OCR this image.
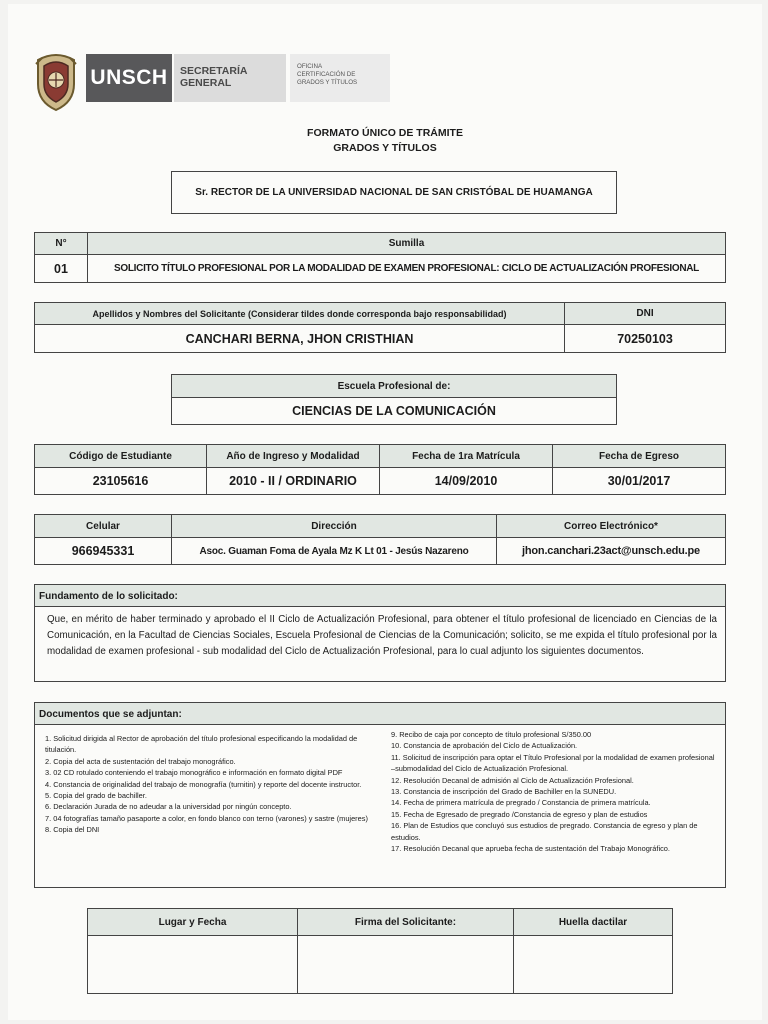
UNSCH	SECRETARÍA
GENERAL
OFICINA
CERTIFICACIÓN DE
GRADOS Y TÍTULOS
FORMATO ÚNICO DE TRÁMITE
GRADOS Y TÍTULOS
Sr. RECTOR DE LA UNIVERSIDAD NACIONAL DE SAN CRISTÓBAL DE HUAMANGA
N°	Sumilla
01	SOLICITO TÍTULO PROFESIONAL POR LA MODALIDAD DE EXAMEN PROFESIONAL: CICLO DE ACTUALIZACIÓN PROFESIONAL
Apellidos y Nombres del Solicitante (Considerar tildes donde corresponda bajo responsabilidad)	DNI
CANCHARI BERNA, JHON CRISTHIAN	70250103
Escuela Profesional de:
CIENCIAS DE LA COMUNICACIÓN
Código de Estudiante	Año de Ingreso y Modalidad	Fecha de 1ra Matrícula	Fecha de Egreso
23105616	2010 - II / ORDINARIO	14/09/2010	30/01/2017
Celular	Dirección	Correo Electrónico*
966945331	Asoc. Guaman Foma de Ayala Mz K Lt 01 - Jesús Nazareno	jhon.canchari.23act@unsch.edu.pe
Fundamento de lo solicitado:
Que, en mérito de haber terminado y aprobado el II Ciclo de Actualización Profesional, para obtener el título profesional de licenciado en Ciencias de la Comunicación, en la Facultad de Ciencias Sociales, Escuela Profesional de Ciencias de la Comunicación; solicito, se me expida el título profesional por la modalidad de examen profesional - sub modalidad del Ciclo de Actualización Profesional, para lo cual adjunto los siguientes documentos.
Documentos que se adjuntan:
1. Solicitud dirigida al Rector de aprobación del título profesional especificando la modalidad de titulación.
2. Copia del acta de sustentación del trabajo monográfico.
3. 02 CD rotulado conteniendo el trabajo monográfico e información en formato digital PDF
4. Constancia de originalidad del trabajo de monografía (turnitin) y reporte del docente instructor.
5. Copia del grado de bachiller.
6. Declaración Jurada de no adeudar a la universidad por ningún concepto.
7. 04 fotografías tamaño pasaporte a color, en fondo blanco con terno (varones) y sastre (mujeres)
8. Copia del DNI
9. Recibo de caja por concepto de título profesional S/350.00
10. Constancia de aprobación del Ciclo de Actualización.
11. Solicitud de inscripción para optar el Título Profesional por la modalidad de examen profesional –submodalidad del Ciclo de Actualización Profesional.
12. Resolución Decanal de admisión al Ciclo de Actualización Profesional.
13. Constancia de inscripción del Grado de Bachiller en la SUNEDU.
14. Fecha de primera matrícula de pregrado / Constancia de primera matrícula.
15. Fecha de Egresado de pregrado /Constancia de egreso y plan de estudios
16. Plan de Estudios que concluyó sus estudios de pregrado. Constancia de egreso y plan de estudios.
17. Resolución Decanal que aprueba fecha de sustentación del Trabajo Monográfico.
Lugar y Fecha	Firma del Solicitante:	Huella dactilar
